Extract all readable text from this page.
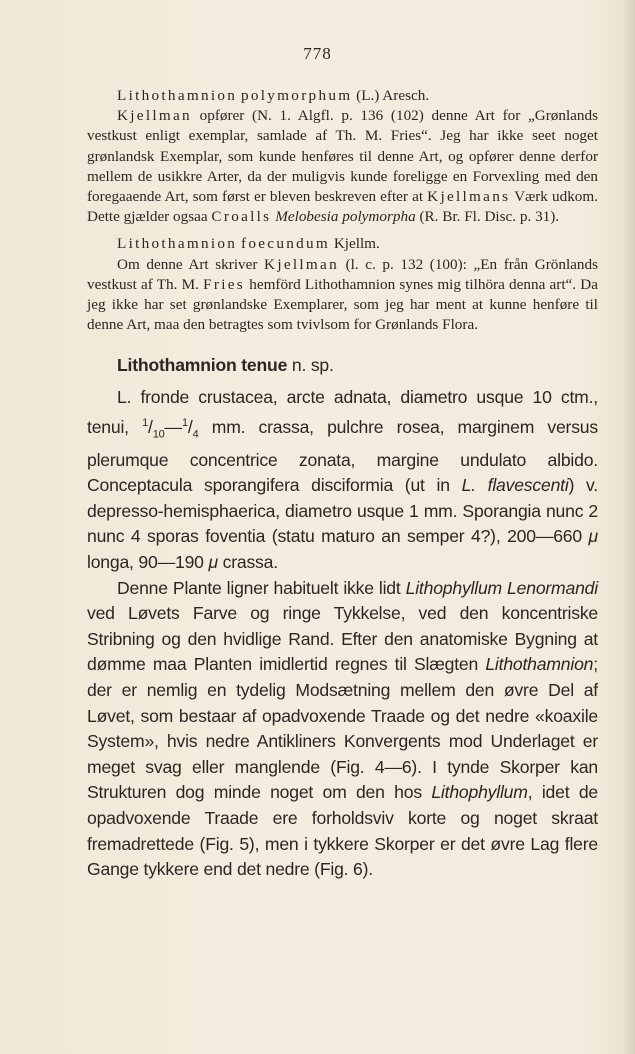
778
Lithothamnion polymorphum (L.) Aresch.

Kjellman opfører (N. 1. Algfl. p. 136 (102) denne Art for „Grønlands vestkust enligt exemplar, samlade af Th. M. Fries“. Jeg har ikke seet noget grønlandsk Exemplar, som kunde henføres til denne Art, og opfører denne derfor mellem de usikkre Arter, da der muligvis kunde foreligge en Forvexling med den foregaaende Art, som først er bleven beskreven efter at Kjellmans Værk udkom. Dette gjælder ogsaa Croalls Melobesia polymorpha (R. Br. Fl. Disc. p. 31).

Lithothamnion foecundum Kjellm.

Om denne Art skriver Kjellman (l. c. p. 132 (100): „En från Grönlands vestkust af Th. M. Fries hemförd Lithothamnion synes mig tilhöra denna art“. Da jeg ikke har set grønlandske Exemplarer, som jeg har ment at kunne henføre til denne Art, maa den betragtes som tvivlsom for Grønlands Flora.

Lithothamnion tenue n. sp.

L. fronde crustacea, arcte adnata, diametro usque 10 ctm., tenui, $^1/_{10}—^1/_4$ mm. crassa, pulchre rosea, marginem versus plerumque concentrice zonata, margine undulato albido. Conceptacula sporangifera disciformia (ut in L. flavescenti) v. depresso-hemisphaerica, diametro usque 1 mm. Sporangia nunc 2 nunc 4 sporas foventia (statu maturo an semper 4?), 200—660 μ longa, 90—190 μ crassa.

Denne Plante ligner habituelt ikke lidt Lithophyllum Lenormandi ved Løvets Farve og ringe Tykkelse, ved den koncentriske Stribning og den hvidlige Rand. Efter den anatomiske Bygning at dømme maa Planten imidlertid regnes til Slægten Lithothamnion; der er nemlig en tydelig Modsætning mellem den øvre Del af Løvet, som bestaar af opadvoxende Traade og det nedre «koaxile System», hvis nedre Antikliners Konvergents mod Underlaget er meget svag eller manglende (Fig. 4—6). I tynde Skorper kan Strukturen dog minde noget om den hos Lithophyllum, idet de opadvoxende Traade ere forholdsviv korte og noget skraat fremadrettede (Fig. 5), men i tykkere Skorper er det øvre Lag flere Gange tykkere end det nedre (Fig. 6).
